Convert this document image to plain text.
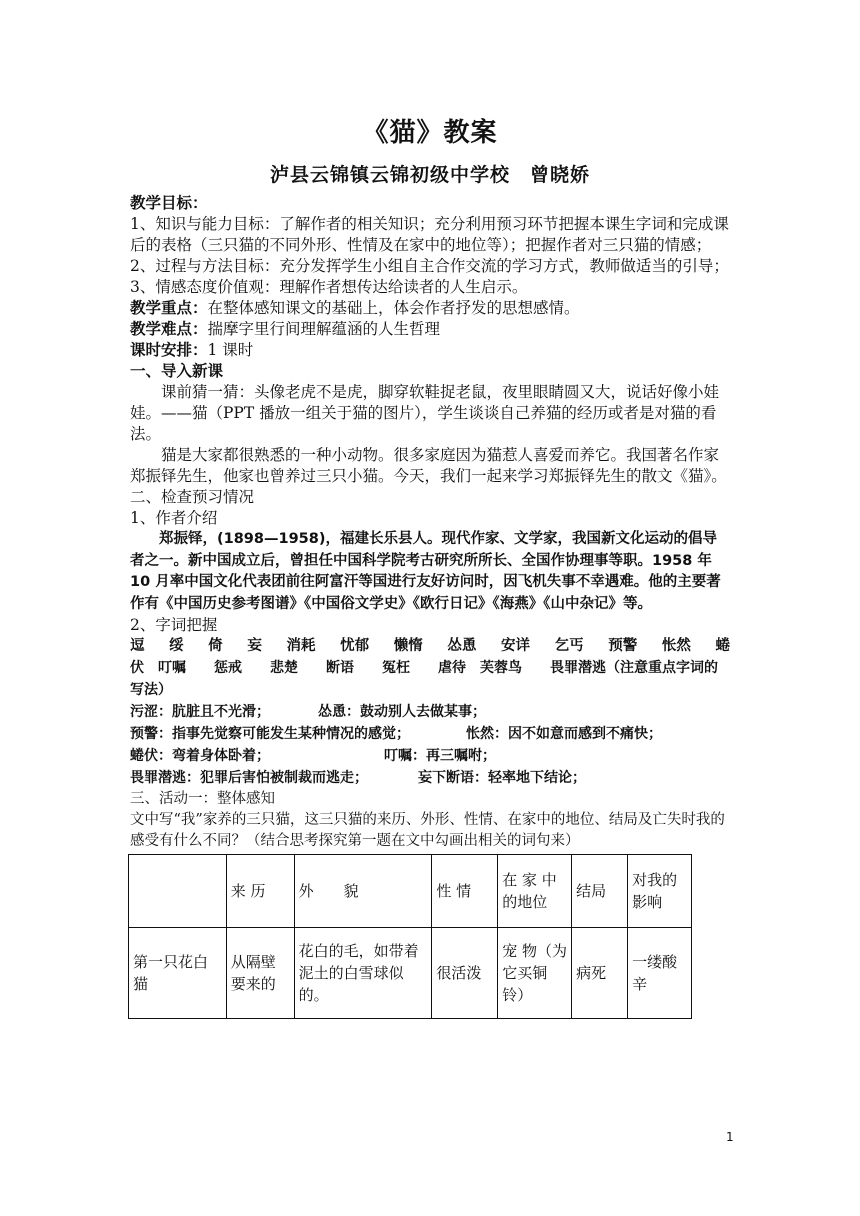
《猫》教案
泸县云锦镇云锦初级中学校　曾晓娇

教学目标：

1、知识与能力目标：了解作者的相关知识；充分利用预习环节把握本课生字词和完成课后的表格（三只猫的不同外形、性情及在家中的地位等）；把握作者对三只猫的情感；

2、过程与方法目标：充分发挥学生小组自主合作交流的学习方式，教师做适当的引导；

3、情感态度价值观：理解作者想传达给读者的人生启示。

教学重点：在整体感知课文的基础上，体会作者抒发的思想感情。

教学难点：揣摩字里行间理解蕴涵的人生哲理

课时安排：1 课时

一、导入新课

课前猜一猜：头像老虎不是虎，脚穿软鞋捉老鼠，夜里眼睛圆又大，说话好像小娃娃。——猫（PPT 播放一组关于猫的图片），学生谈谈自己养猫的经历或者是对猫的看法。

猫是大家都很熟悉的一种小动物。很多家庭因为猫惹人喜爱而养它。我国著名作家郑振铎先生，他家也曾养过三只小猫。今天，我们一起来学习郑振铎先生的散文《猫》。

二、检查预习情况

1、作者介绍

郑振铎，(1898—1958)，福建长乐县人。现代作家、文学家，我国新文化运动的倡导者之一。新中国成立后，曾担任中国科学院考古研究所所长、全国作协理事等职。1958 年 10 月率中国文化代表团前往阿富汗等国进行友好访问时，因飞机失事不幸遇难。他的主要著作有《中国历史参考图谱》《中国俗文学史》《欧行日记》《海燕》《山中杂记》等。

2、字词把握

逗 绥 倚 妄 消耗 忧郁 懒惰 怂恿 安详 乞丐 预警 怅然 蜷

伏　叮嘱　　惩戒　　悲楚　　断语　　冤枉　　虐待　芙蓉鸟　　畏罪潜逃（注意重点字词的写法）

污涩：肮脏且不光滑；	怂恿：鼓动别人去做某事；

预警：指事先觉察可能发生某种情况的感觉；	怅然：因不如意而感到不痛快；

蜷伏：弯着身体卧着；	叮嘱：再三嘱咐；

畏罪潜逃：犯罪后害怕被制裁而逃走；	妄下断语：轻率地下结论；

三、活动一：整体感知

文中写“我”家养的三只猫，这三只猫的来历、外形、性情、在家中的地位、结局及亡失时我的感受有什么不同？（结合思考探究第一题在文中勾画出相关的词句来）

	来 历	外　　貌	性 情	在 家 中 的地位	结局	对我的影响
第一只花白猫	从隔壁要来的	花白的毛，如带着泥土的白雪球似的。	很活泼	宠 物（为它买铜铃）	病死	一缕酸辛
1
